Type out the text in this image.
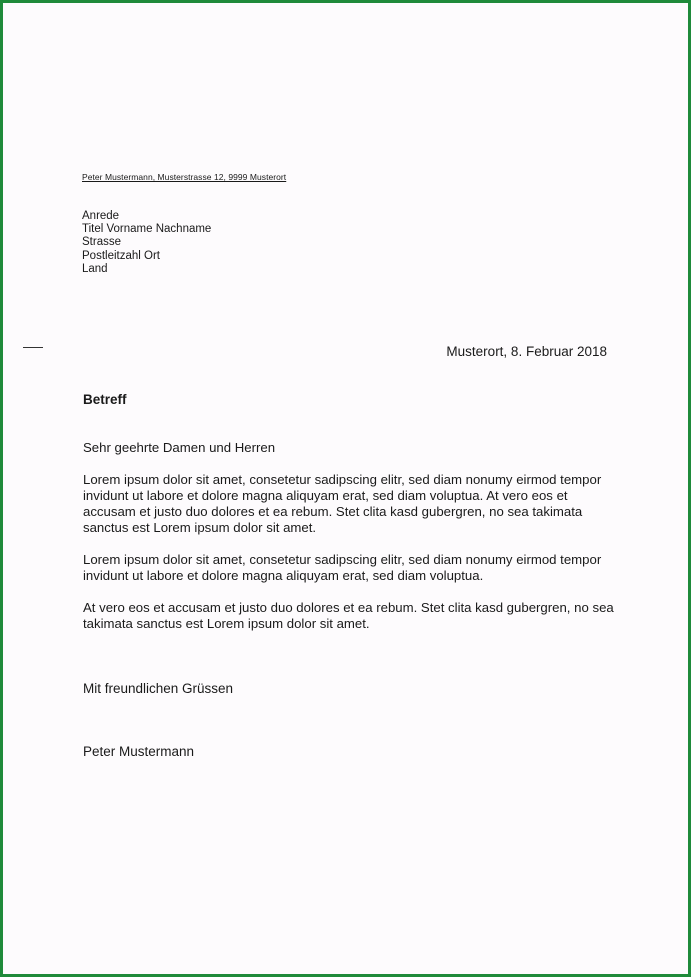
Peter Mustermann, Musterstrasse 12, 9999 Musterort
Anrede
Titel Vorname Nachname
Strasse
Postleitzahl Ort
Land
Musterort, 8. Februar 2018
Betreff

Sehr geehrte Damen und Herren

Lorem ipsum dolor sit amet, consetetur sadipscing elitr, sed diam nonumy eirmod tempor invidunt ut labore et dolore magna aliquyam erat, sed diam voluptua. At vero eos et accusam et justo duo dolores et ea rebum. Stet clita kasd gubergren, no sea takimata sanctus est Lorem ipsum dolor sit amet.

Lorem ipsum dolor sit amet, consetetur sadipscing elitr, sed diam nonumy eirmod tempor invidunt ut labore et dolore magna aliquyam erat, sed diam voluptua.

At vero eos et accusam et justo duo dolores et ea rebum. Stet clita kasd gubergren, no sea takimata sanctus est Lorem ipsum dolor sit amet.

Mit freundlichen Grüssen
Peter Mustermann
